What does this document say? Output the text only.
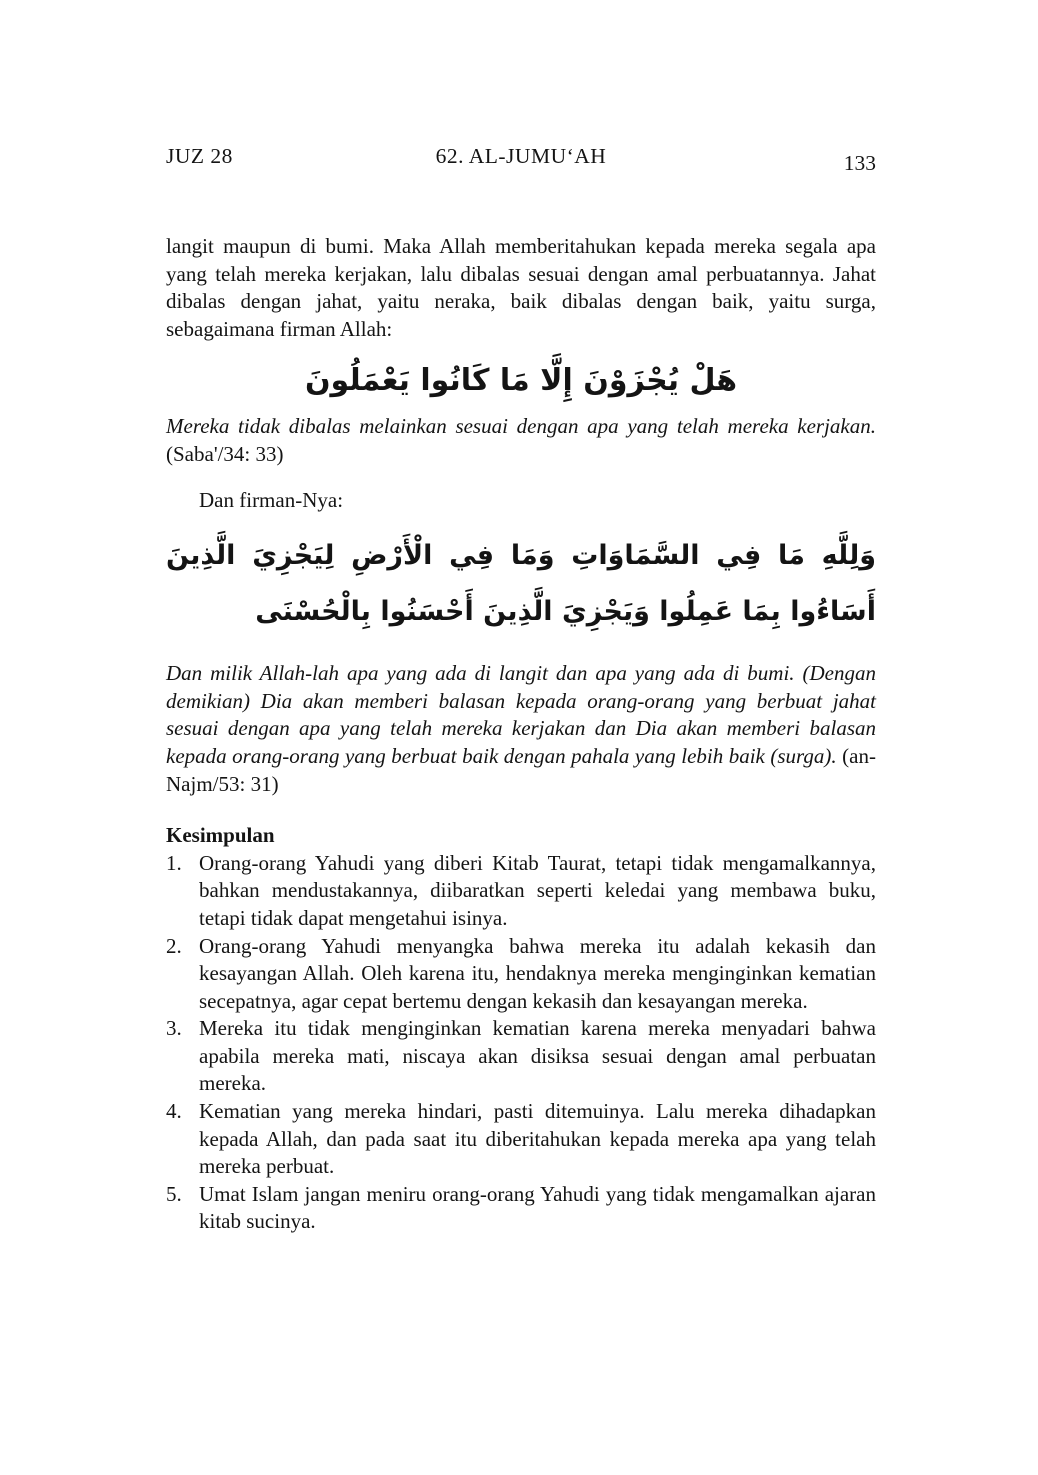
JUZ 28	62. AL-JUMU‘AH	133
langit maupun di bumi. Maka Allah memberitahukan kepada mereka segala apa yang telah mereka kerjakan, lalu dibalas sesuai dengan amal perbuatannya. Jahat dibalas dengan jahat, yaitu neraka, baik dibalas dengan baik, yaitu surga, sebagaimana firman Allah:
هَلْ يُجْزَوْنَ إِلَّا مَا كَانُوا يَعْمَلُونَ
Mereka tidak dibalas melainkan sesuai dengan apa yang telah mereka kerjakan. (Saba'/34: 33)
Dan firman-Nya:
وَلِلَّهِ مَا فِي السَّمَاوَاتِ وَمَا فِي الْأَرْضِ لِيَجْزِيَ الَّذِينَ أَسَاءُوا بِمَا عَمِلُوا وَيَجْزِيَ الَّذِينَ أَحْسَنُوا بِالْحُسْنَى
Dan milik Allah-lah apa yang ada di langit dan apa yang ada di bumi. (Dengan demikian) Dia akan memberi balasan kepada orang-orang yang berbuat jahat sesuai dengan apa yang telah mereka kerjakan dan Dia akan memberi balasan kepada orang-orang yang berbuat baik dengan pahala yang lebih baik (surga). (an-Najm/53: 31)
Kesimpulan
1. Orang-orang Yahudi yang diberi Kitab Taurat, tetapi tidak mengamalkannya, bahkan mendustakannya, diibaratkan seperti keledai yang membawa buku, tetapi tidak dapat mengetahui isinya.
2. Orang-orang Yahudi menyangka bahwa mereka itu adalah kekasih dan kesayangan Allah. Oleh karena itu, hendaknya mereka menginginkan kematian secepatnya, agar cepat bertemu dengan kekasih dan kesayangan mereka.
3. Mereka itu tidak menginginkan kematian karena mereka menyadari bahwa apabila mereka mati, niscaya akan disiksa sesuai dengan amal perbuatan mereka.
4. Kematian yang mereka hindari, pasti ditemuinya. Lalu mereka dihadapkan kepada Allah, dan pada saat itu diberitahukan kepada mereka apa yang telah mereka perbuat.
5. Umat Islam jangan meniru orang-orang Yahudi yang tidak mengamalkan ajaran kitab sucinya.
